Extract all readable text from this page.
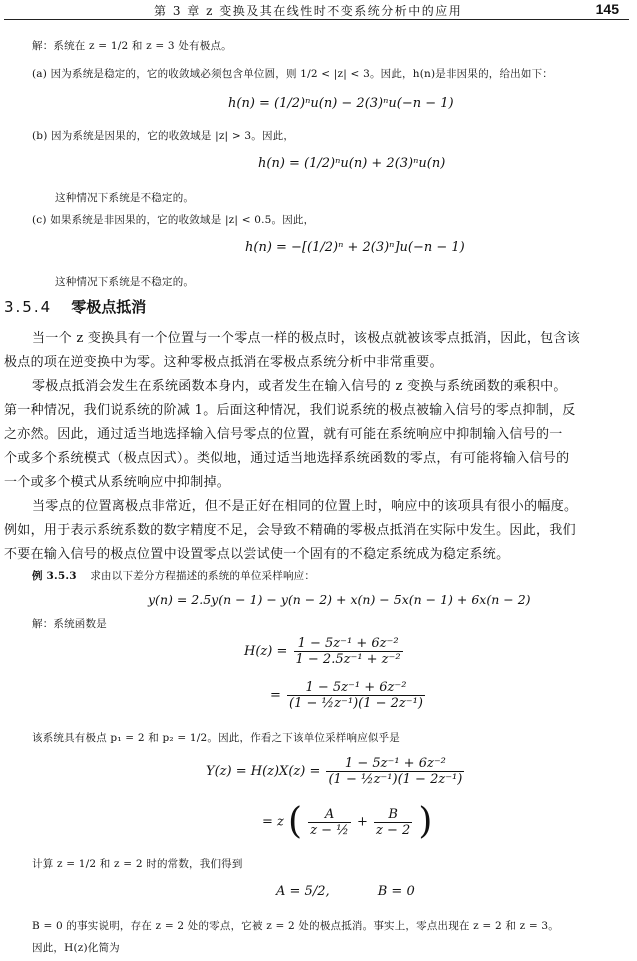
第 3 章 z 变换及其在线性时不变系统分析中的应用	145
解：系统在 z = 1/2 和 z = 3 处有极点。
(a) 因为系统是稳定的，它的收敛域必须包含单位圆，则 1/2 < |z| < 3。因此，h(n)是非因果的，给出如下：
h(n) = (1/2)ⁿu(n) − 2(3)ⁿu(−n − 1)
(b) 因为系统是因果的，它的收敛域是 |z| > 3。因此，
h(n) = (1/2)ⁿu(n) + 2(3)ⁿu(n)
这种情况下系统是不稳定的。
(c) 如果系统是非因果的，它的收敛域是 |z| < 0.5。因此，
h(n) = −[(1/2)ⁿ + 2(3)ⁿ]u(−n − 1)
这种情况下系统是不稳定的。
3.5.4 零极点抵消
当一个 z 变换具有一个位置与一个零点一样的极点时，该极点就被该零点抵消，因此，包含该
极点的项在逆变换中为零。这种零极点抵消在零极点系统分析中非常重要。
零极点抵消会发生在系统函数本身内，或者发生在输入信号的 z 变换与系统函数的乘积中。
第一种情况，我们说系统的阶减 1。后面这种情况，我们说系统的极点被输入信号的零点抑制，反
之亦然。因此，通过适当地选择输入信号零点的位置，就有可能在系统响应中抑制输入信号的一
个或多个系统模式（极点因式）。类似地，通过适当地选择系统函数的零点，有可能将输入信号的
一个或多个模式从系统响应中抑制掉。
当零点的位置离极点非常近，但不是正好在相同的位置上时，响应中的该项具有很小的幅度。
例如，用于表示系统系数的数字精度不足，会导致不精确的零极点抵消在实际中发生。因此，我们
不要在输入信号的极点位置中设置零点以尝试使一个固有的不稳定系统成为稳定系统。
例 3.5.3 求由以下差分方程描述的系统的单位采样响应：
y(n) = 2.5y(n − 1) − y(n − 2) + x(n) − 5x(n − 1) + 6x(n − 2)
解：系统函数是
$H(z) = \frac{\text{1 − 5z⁻¹ + 6z⁻²}}{\text{1 − 2.5z⁻¹ + z⁻²}}$
= $\frac{\text{1 − 5z⁻¹ + 6z⁻²}}{\text{(1 − ½z⁻¹)(1 − 2z⁻¹)}}$
该系统具有极点 p₁ = 2 和 p₂ = 1/2。因此，作看之下该单位采样响应似乎是
$Y(z) = H(z)X(z) = \frac{\text{1 − 5z⁻¹ + 6z⁻²}}{\text{(1 − ½z⁻¹)(1 − 2z⁻¹)}}$
= z ( $\frac{A}{\text{z − ½}} + \frac{B}{z - 2}$ )
计算 z = 1/2 和 z = 2 时的常数，我们得到
A = 5/2,	B = 0
B = 0 的事实说明，存在 z = 2 处的零点，它被 z = 2 处的极点抵消。事实上，零点出现在 z = 2 和 z = 3。
因此，H(z)化简为
